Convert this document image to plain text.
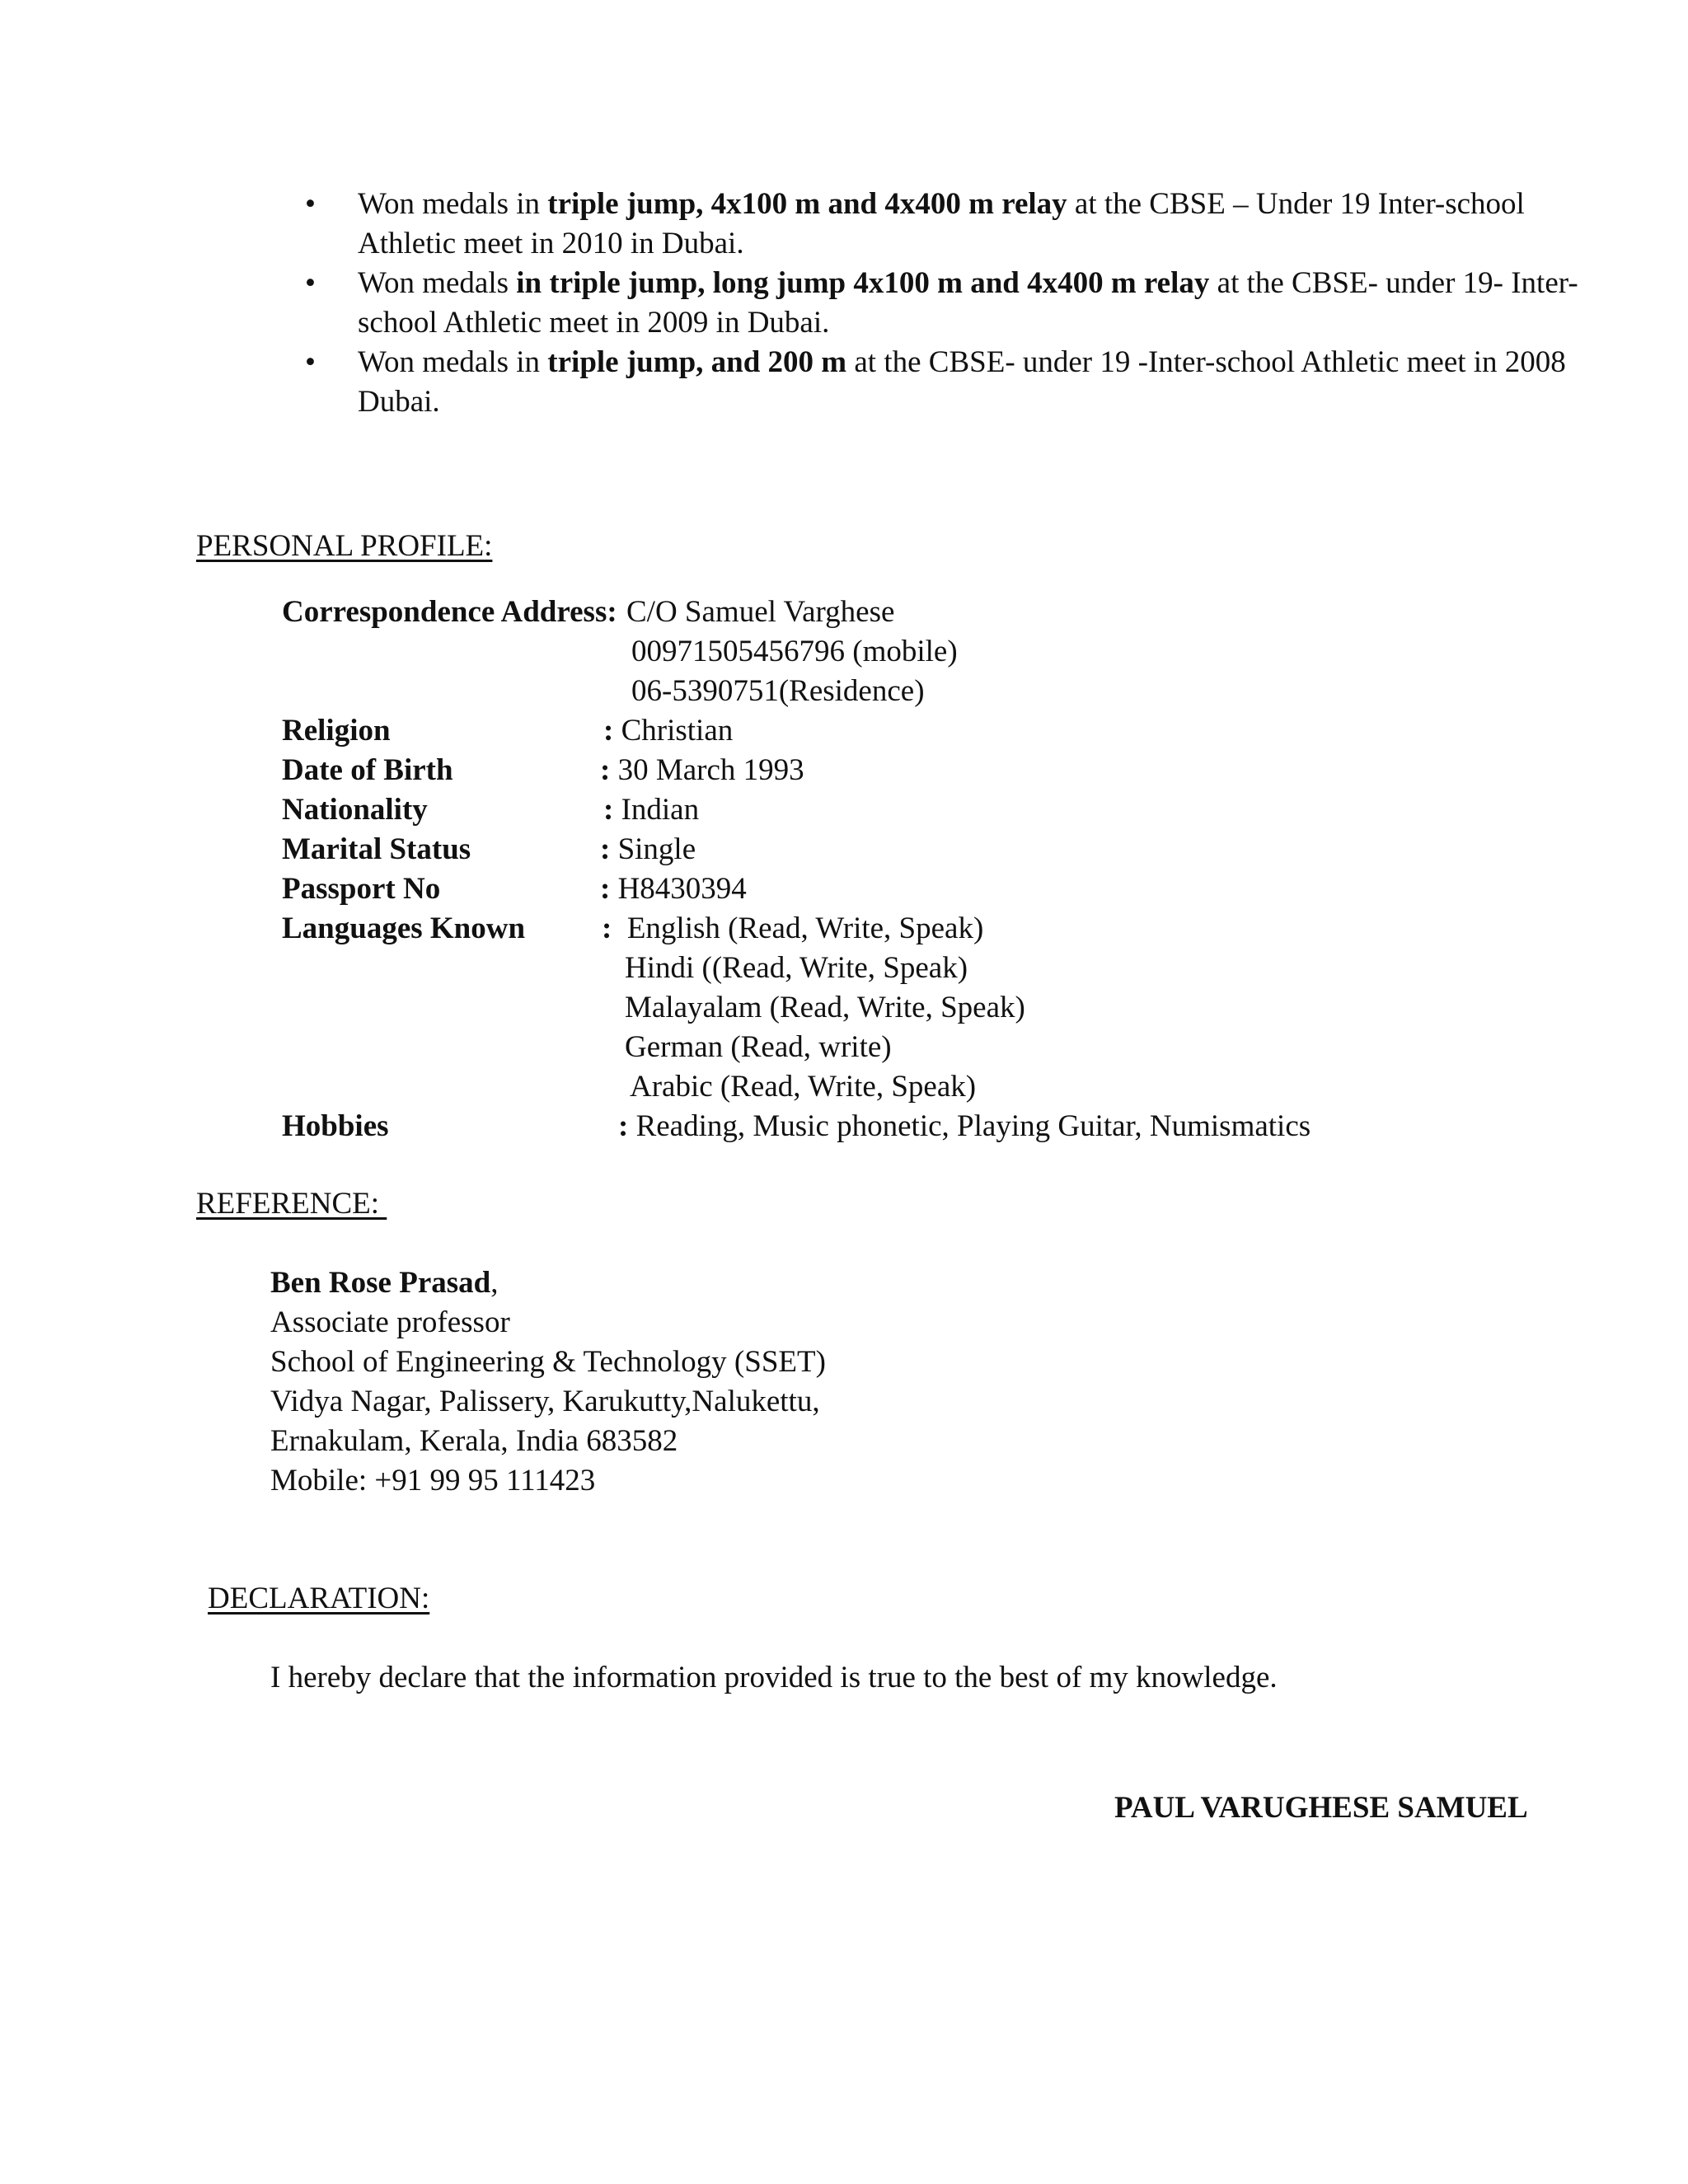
•	Won medals in triple jump, 4x100 m and 4x400 m relay at the CBSE – Under 19 Inter-school
Athletic meet in 2010 in Dubai.
•	Won medals in triple jump, long jump 4x100 m and 4x400 m relay at the CBSE- under 19- Inter-
school Athletic meet in 2009 in Dubai.
•	Won medals in triple jump, and 200 m at the CBSE- under 19 -Inter-school Athletic meet in 2008
Dubai.
PERSONAL PROFILE:
Correspondence Address: C/O Samuel Varghese
00971505456796 (mobile)
06-5390751(Residence)
Religion	: Christian
Date of Birth	: 30 March 1993
Nationality	: Indian
Marital Status	: Single
Passport No	: H8430394
Languages Known	: English (Read, Write, Speak)
Hindi ((Read, Write, Speak)
Malayalam (Read, Write, Speak)
German (Read, write)
Arabic (Read, Write, Speak)
Hobbies	: Reading, Music phonetic, Playing Guitar, Numismatics
REFERENCE:
Ben Rose Prasad,
Associate professor
School of Engineering & Technology (SSET)
Vidya Nagar, Palissery, Karukutty,Nalukettu,
Ernakulam, Kerala, India 683582
Mobile: +91 99 95 111423
DECLARATION:
I hereby declare that the information provided is true to the best of my knowledge.
PAUL VARUGHESE SAMUEL
